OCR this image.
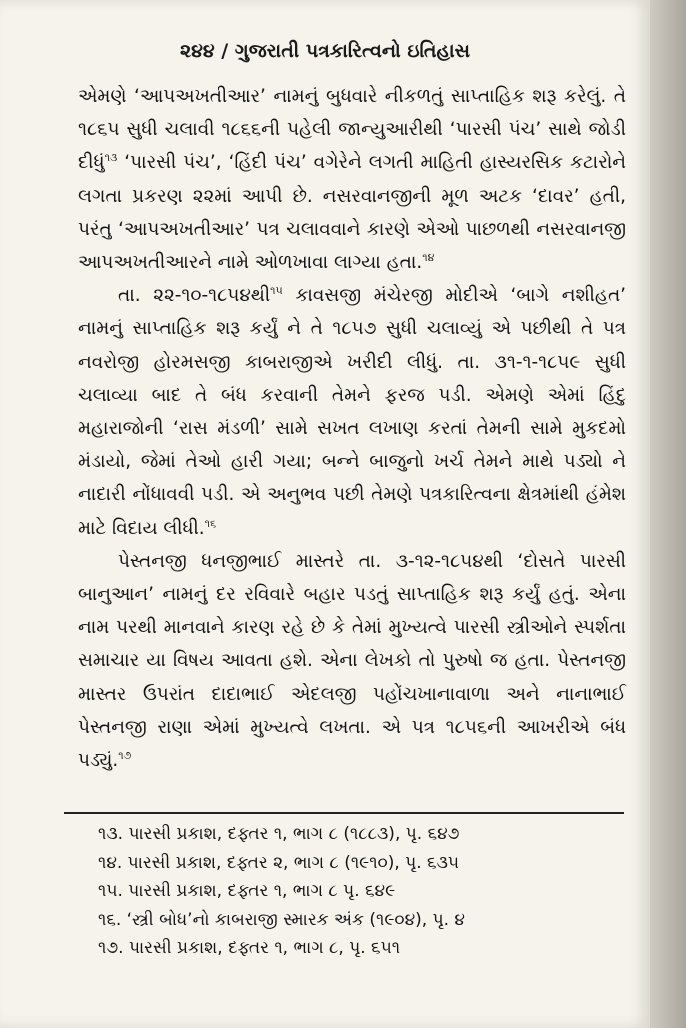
૨૪૪ / ગુજરાતી પત્રકારિત્વનો ઇતિહાસ

એમણે ‘આપઅખતીઆર’ નામનું બુધવારે નીકળતું સાપ્તાહિક શરૂ કરેલું. તે ૧૮૬૫ સુધી ચલાવી ૧૮૬૬ની પહેલી જાન્યુઆરીથી ‘પારસી પંચ’ સાથે જોડી દીધું$^{૧૩}$ ‘પારસી પંચ’, ‘હિંદી પંચ’ વગેરેને લગતી માહિતી હાસ્યરસિક કટારોને લગતા પ્રકરણ ૨૨માં આપી છે. નસરવાનજીની મૂળ અટક ‘દાવર’ હતી, પરંતુ ‘આપઅખતીઆર’ પત્ર ચલાવવાને કારણે એઓ પાછળથી નસરવાનજી આપઅખતીઆરને નામે ઓળખાવા લાગ્યા હતા.$^{૧૪}$

તા. ૨૨-૧૦-૧૮૫૪થી$^{૧૫}$ કાવસજી મંચેરજી મોદીએ ‘બાગે નશીહત’ નામનું સાપ્તાહિક શરૂ કર્યું ને તે ૧૮૫૭ સુધી ચલાવ્યું એ પછીથી તે પત્ર નવરોજી હોરમસજી કાબરાજીએ ખરીદી લીધું. તા. ૩૧-૧-૧૮૫૯ સુધી ચલાવ્યા બાદ તે બંધ કરવાની તેમને ફરજ પડી. એમણે એમાં હિંદુ મહારાજોની ‘રાસ મંડળી’ સામે સખત લખાણ કરતાં તેમની સામે મુકદમો મંડાયો, જેમાં તેઓ હારી ગયા; બન્ને બાજુનો ખર્ચ તેમને માથે પડ્યો ને નાદારી નોંધાવવી પડી. એ અનુભવ પછી તેમણે પત્રકારિત્વના ક્ષેત્રમાંથી હંમેશ માટે વિદાય લીધી.$^{૧૬}$

પેસ્તનજી ધનજીભાઈ માસ્તરે તા. ૩-૧૨-૧૮૫૪થી ‘દોસતે પારસી બાનુઆન’ નામનું દર રવિવારે બહાર પડતું સાપ્તાહિક શરૂ કર્યું હતું. એના નામ પરથી માનવાને કારણ રહે છે કે તેમાં મુખ્યત્વે પારસી સ્ત્રીઓને સ્પર્શતા સમાચાર યા વિષય આવતા હશે. એના લેખકો તો પુરુષો જ હતા. પેસ્તનજી માસ્તર ઉપરાંત દાદાભાઈ એદલજી પહોંચખાનાવાળા અને નાનાભાઈ પેસ્તનજી રાણા એમાં મુખ્યત્વે લખતા. એ પત્ર ૧૮૫૬ની આખરીએ બંધ પડ્યું.$^{૧૭}$

૧૩. પારસી પ્રકાશ, દફ્તર ૧, ભાગ ૮ (૧૮૮૩), પૃ. ૬૪૭
૧૪. પારસી પ્રકાશ, દફ્તર ૨, ભાગ ૮ (૧૯૧૦), પૃ. ૬૩૫
૧૫. પારસી પ્રકાશ, દફ્તર ૧, ભાગ ૮ પૃ. ૬૪૯
૧૬. ‘સ્ત્રી બોધ’નો કાબરાજી સ્મારક અંક (૧૯૦૪), પૃ. ૪
૧૭. પારસી પ્રકાશ, દફ્તર ૧, ભાગ ૮, પૃ. ૬૫૧
